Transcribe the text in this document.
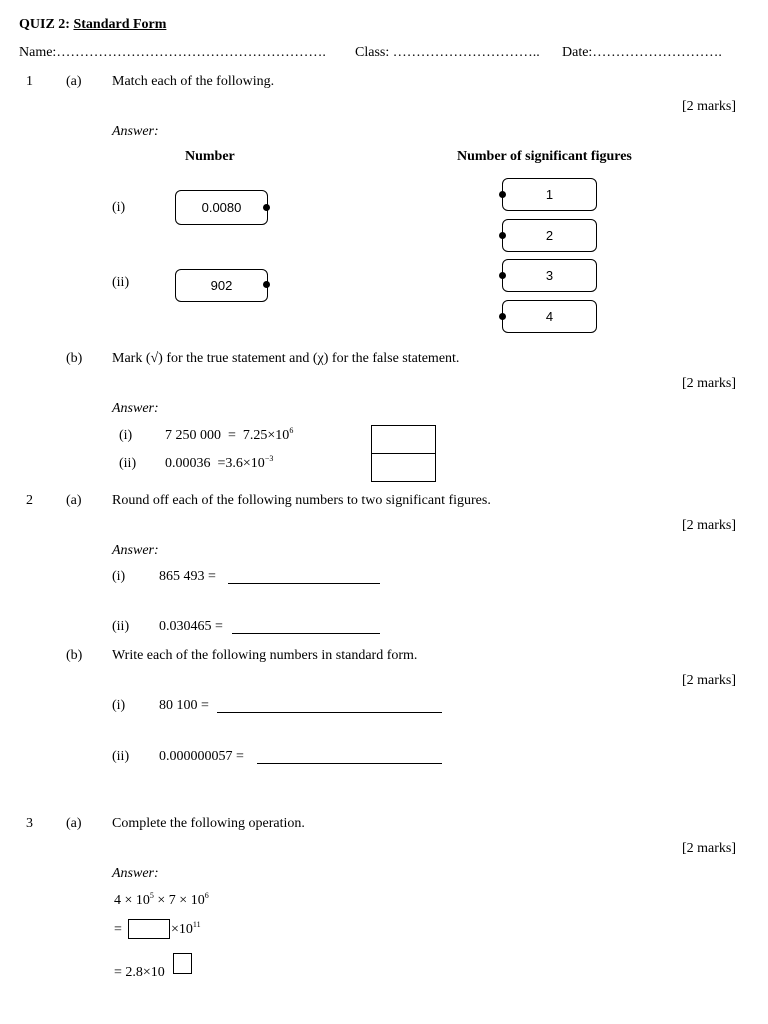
QUIZ 2: Standard Form
Name:…………………………………………………. Class: ………………………….. Date:……………………….
1 (a) Match each of the following.
[2 marks]
Answer:
Number	Number of significant figures
(i)	0.0080
(ii)	902
1
2
3
4
(b) Mark (√) for the true statement and (χ) for the false statement.
[2 marks]
Answer:
(i) 7 250 $000 = 7.25\times 10^6$
(ii) $0.00036 =3.6\times 10^{-3}$
2 (a) Round off each of the following numbers to two significant figures.
[2 marks]
Answer:
(i) 865 493 =
(ii) 0.030465 =
(b) Write each of the following numbers in standard form.
[2 marks]
(i) 80 100 =
(ii) 0.000000057 =
3 (a) Complete the following operation.
[2 marks]
Answer:
$4 \times 10^5 \times 7 \times 10^6$
=	$\times 10^{11}$
= 2.8×10
